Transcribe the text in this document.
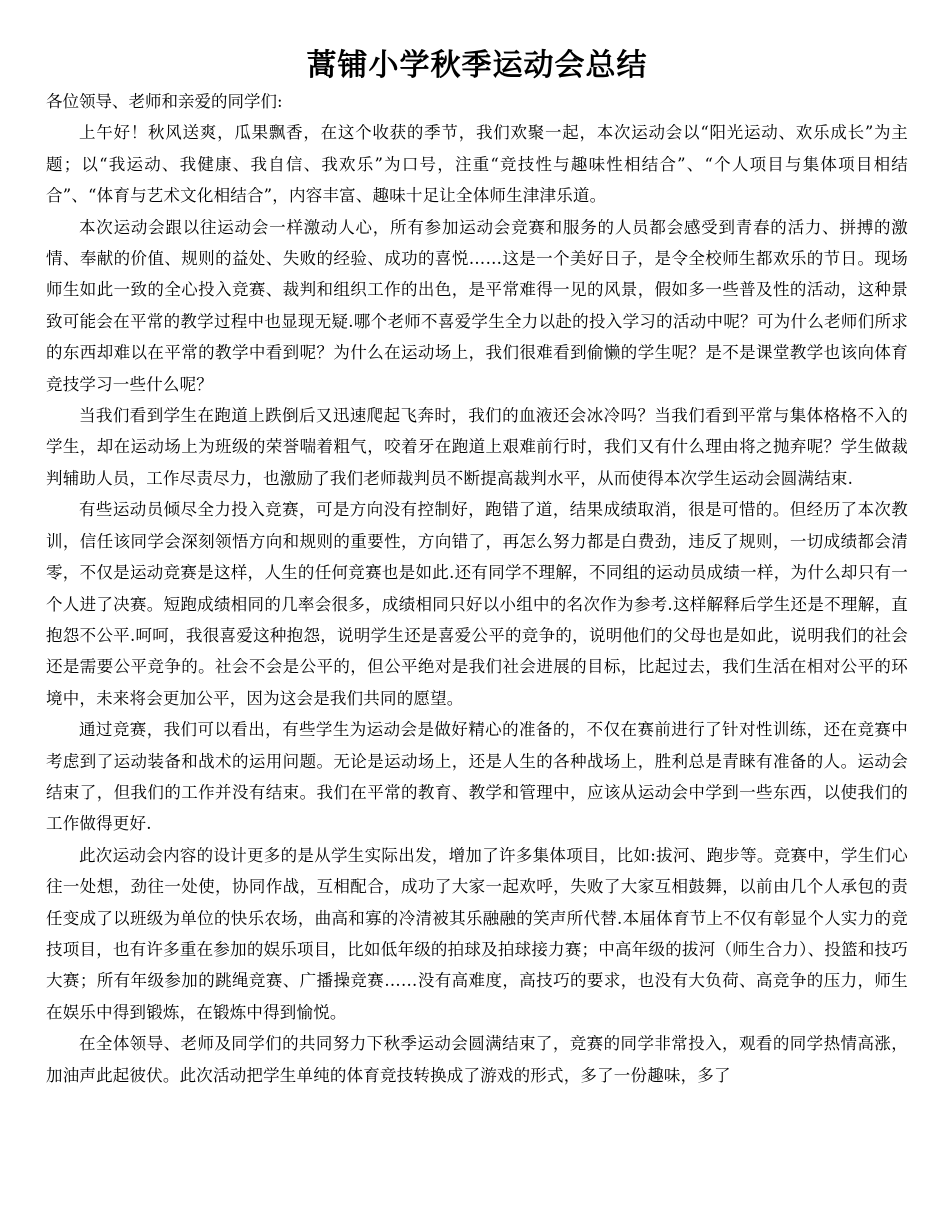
蒿铺小学秋季运动会总结

各位领导、老师和亲爱的同学们:

上午好！秋风送爽，瓜果飘香，在这个收获的季节，我们欢聚一起，本次运动会以“阳光运动、欢乐成长”为主题；以“我运动、我健康、我自信、我欢乐”为口号，注重“竞技性与趣味性相结合”、“个人项目与集体项目相结合”、“体育与艺术文化相结合”，内容丰富、趣味十足让全体师生津津乐道。

本次运动会跟以往运动会一样激动人心，所有参加运动会竞赛和服务的人员都会感受到青春的活力、拼搏的激情、奉献的价值、规则的益处、失败的经验、成功的喜悦……这是一个美好日子，是令全校师生都欢乐的节日。现场师生如此一致的全心投入竞赛、裁判和组织工作的出色，是平常难得一见的风景，假如多一些普及性的活动，这种景致可能会在平常的教学过程中也显现无疑.哪个老师不喜爱学生全力以赴的投入学习的活动中呢？可为什么老师们所求的东西却难以在平常的教学中看到呢？为什么在运动场上，我们很难看到偷懒的学生呢？是不是课堂教学也该向体育竞技学习一些什么呢？

当我们看到学生在跑道上跌倒后又迅速爬起飞奔时，我们的血液还会冰冷吗？当我们看到平常与集体格格不入的学生，却在运动场上为班级的荣誉喘着粗气，咬着牙在跑道上艰难前行时，我们又有什么理由将之抛弃呢？学生做裁判辅助人员，工作尽责尽力，也激励了我们老师裁判员不断提高裁判水平，从而使得本次学生运动会圆满结束.

有些运动员倾尽全力投入竞赛，可是方向没有控制好，跑错了道，结果成绩取消，很是可惜的。但经历了本次教训，信任该同学会深刻领悟方向和规则的重要性，方向错了，再怎么努力都是白费劲，违反了规则，一切成绩都会清零，不仅是运动竞赛是这样，人生的任何竞赛也是如此.还有同学不理解，不同组的运动员成绩一样，为什么却只有一个人进了决赛。短跑成绩相同的几率会很多，成绩相同只好以小组中的名次作为参考.这样解释后学生还是不理解，直抱怨不公平.呵呵，我很喜爱这种抱怨，说明学生还是喜爱公平的竞争的，说明他们的父母也是如此，说明我们的社会还是需要公平竞争的。社会不会是公平的，但公平绝对是我们社会进展的目标，比起过去，我们生活在相对公平的环境中，未来将会更加公平，因为这会是我们共同的愿望。

通过竞赛，我们可以看出，有些学生为运动会是做好精心的准备的，不仅在赛前进行了针对性训练，还在竞赛中考虑到了运动装备和战术的运用问题。无论是运动场上，还是人生的各种战场上，胜利总是青睐有准备的人。运动会结束了，但我们的工作并没有结束。我们在平常的教育、教学和管理中，应该从运动会中学到一些东西，以使我们的工作做得更好.

此次运动会内容的设计更多的是从学生实际出发，增加了许多集体项目，比如:拔河、跑步等。竞赛中，学生们心往一处想，劲往一处使，协同作战，互相配合，成功了大家一起欢呼，失败了大家互相鼓舞，以前由几个人承包的责任变成了以班级为单位的快乐农场，曲高和寡的冷清被其乐融融的笑声所代替.本届体育节上不仅有彰显个人实力的竞技项目，也有许多重在参加的娱乐项目，比如低年级的拍球及拍球接力赛；中高年级的拔河（师生合力）、投篮和技巧大赛；所有年级参加的跳绳竞赛、广播操竞赛……没有高难度，高技巧的要求，也没有大负荷、高竞争的压力，师生在娱乐中得到锻炼，在锻炼中得到愉悦。

在全体领导、老师及同学们的共同努力下秋季运动会圆满结束了，竞赛的同学非常投入，观看的同学热情高涨，加油声此起彼伏。此次活动把学生单纯的体育竞技转换成了游戏的形式，多了一份趣味，多了
